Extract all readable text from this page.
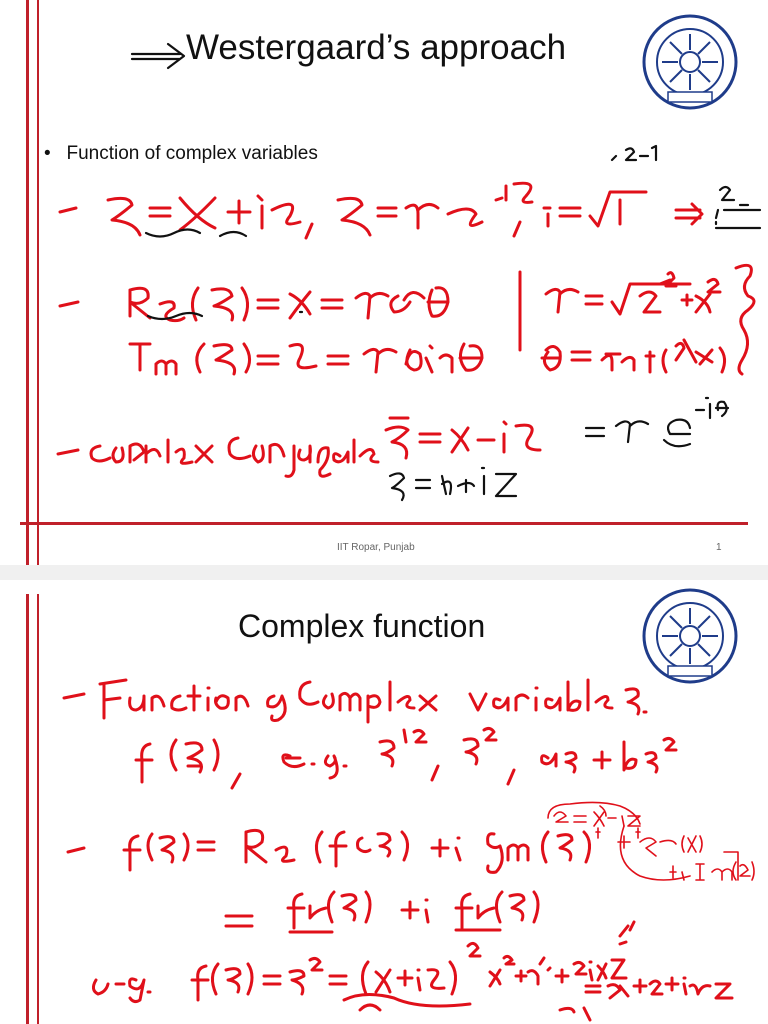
Westergaard’s approach
• Function of complex variables
IIT Ropar, Punjab	1
Complex function
